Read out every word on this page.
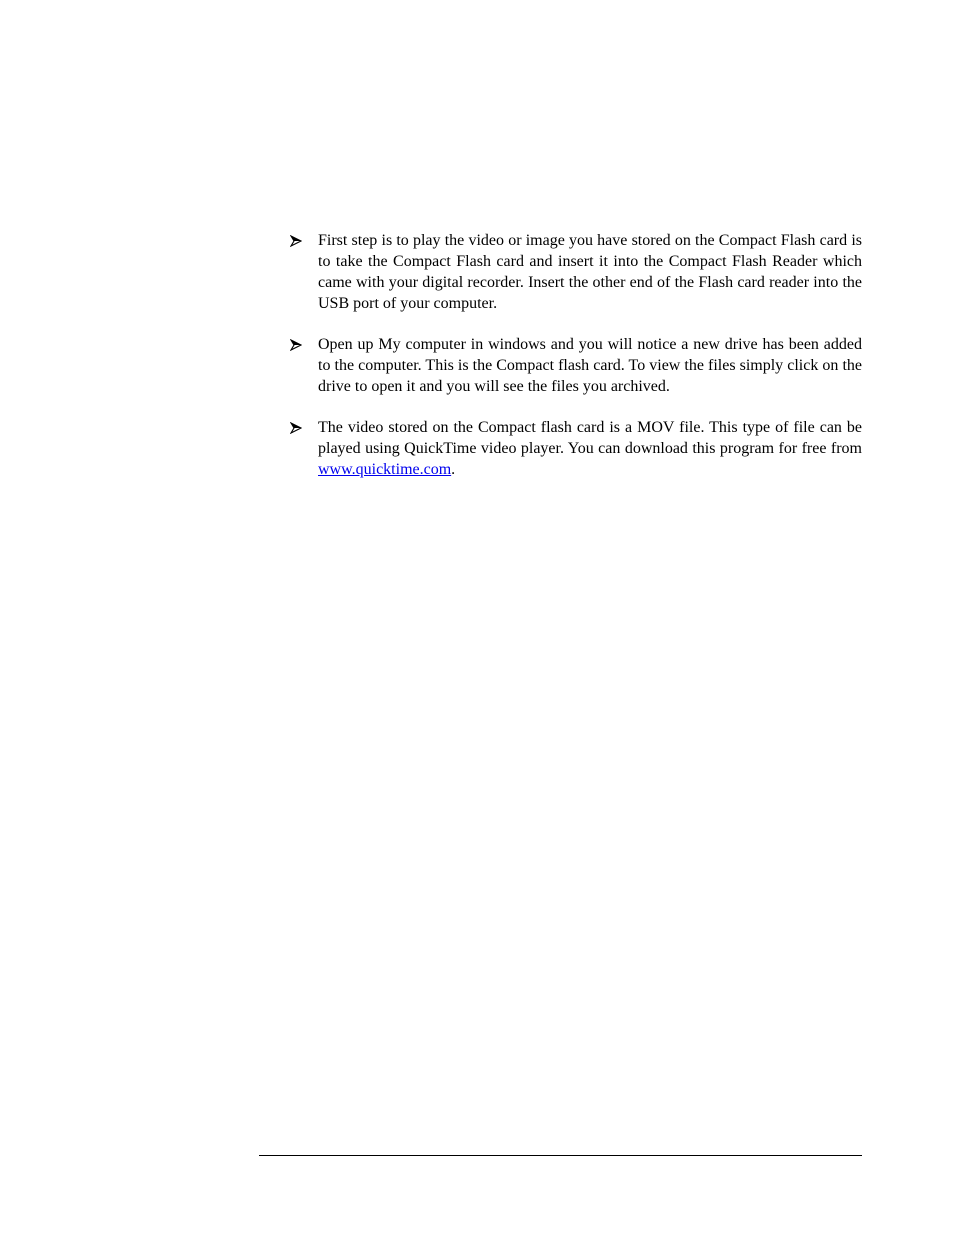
First step is to play the video or image you have stored on the Compact Flash card is to take the Compact Flash card and insert it into the Compact Flash Reader which came with your digital recorder. Insert the other end of the Flash card reader into the USB port of your computer.
Open up My computer in windows and you will notice a new drive has been added to the computer. This is the Compact flash card. To view the files simply click on the drive to open it and you will see the files you archived.
The video stored on the Compact flash card is a MOV file. This type of file can be played using QuickTime video player. You can download this program for free from www.quicktime.com.
